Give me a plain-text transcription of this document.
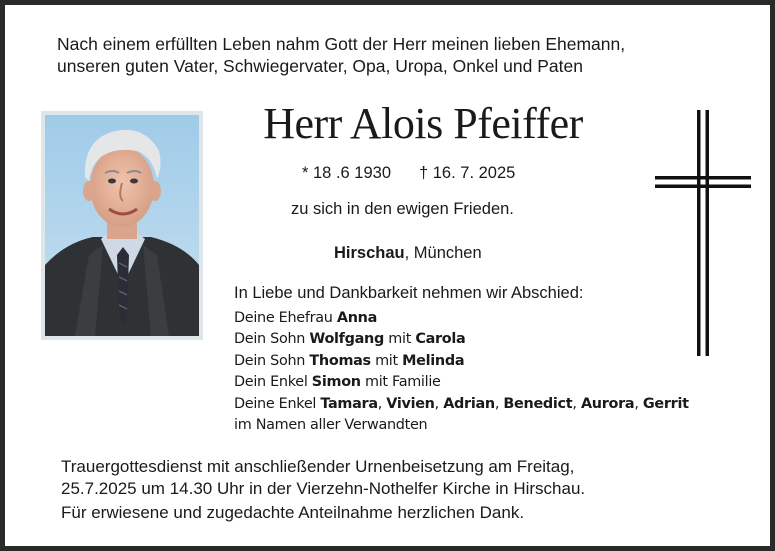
Nach einem erfüllten Leben nahm Gott der Herr meinen lieben Ehemann,
unseren guten Vater, Schwiegervater, Opa, Uropa, Onkel und Paten
Herr Alois Pfeiffer
* 18 .6 1930 † 16. 7. 2025
zu sich in den ewigen Frieden.
Hirschau, München
In Liebe und Dankbarkeit nehmen wir Abschied:
Deine Ehefrau Anna
Dein Sohn Wolfgang mit Carola
Dein Sohn Thomas mit Melinda
Dein Enkel Simon mit Familie
Deine Enkel Tamara, Vivien, Adrian, Benedict, Aurora, Gerrit
im Namen aller Verwandten
Trauergottesdienst mit anschließender Urnenbeisetzung am Freitag,
25.7.2025 um 14.30 Uhr in der Vierzehn-Nothelfer Kirche in Hirschau.
Für erwiesene und zugedachte Anteilnahme herzlichen Dank.
